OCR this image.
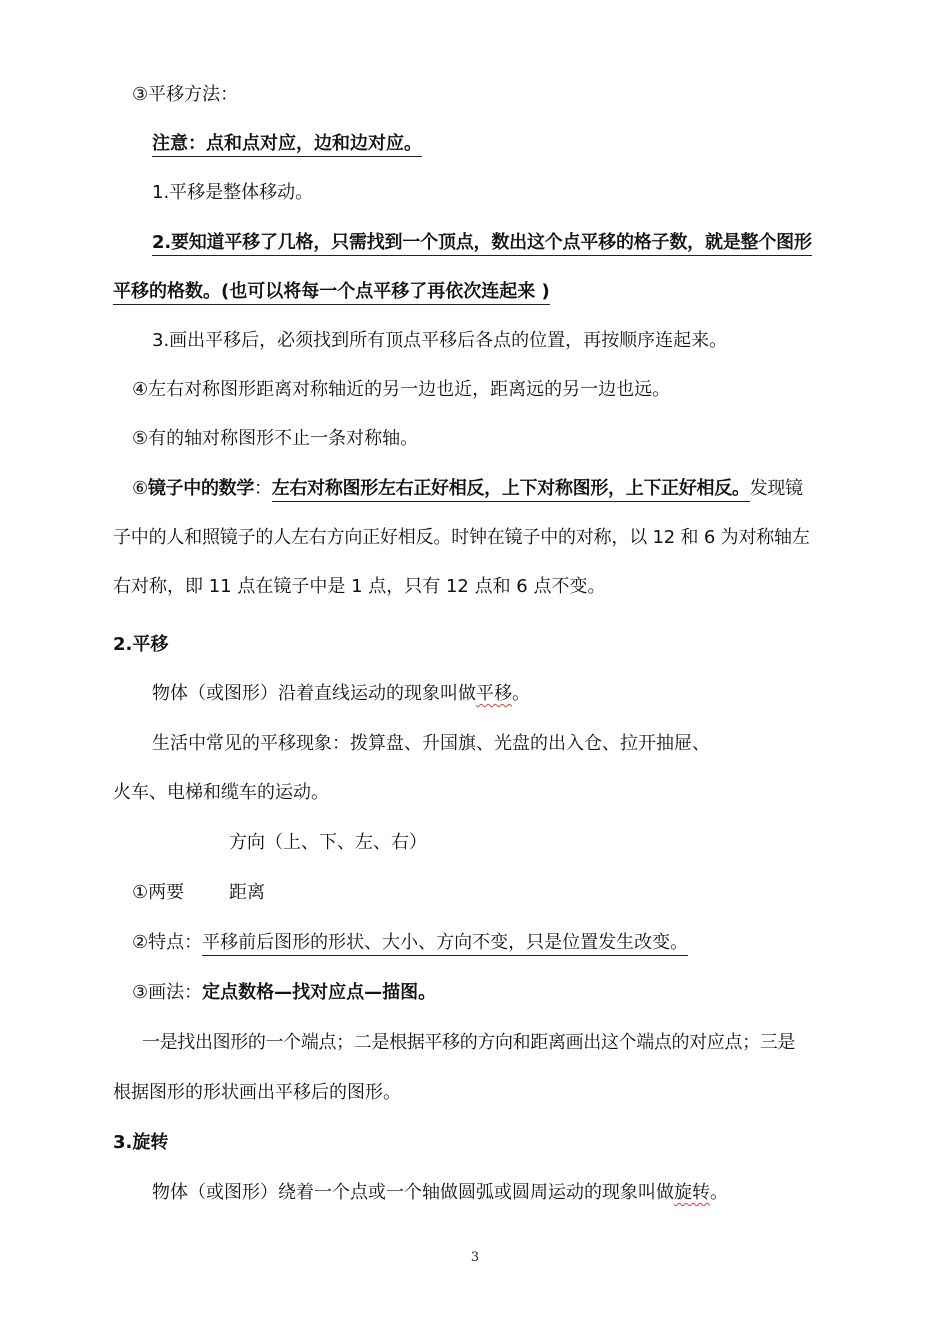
③平移方法：
注意：点和点对应，边和边对应。
1.平移是整体移动。
2.要知道平移了几格，只需找到一个顶点，数出这个点平移的格子数，就是整个图形
平移的格数。(也可以将每一个点平移了再依次连起来 )
3.画出平移后，必须找到所有顶点平移后各点的位置，再按顺序连起来。
④左右对称图形距离对称轴近的另一边也近，距离远的另一边也远。
⑤有的轴对称图形不止一条对称轴。
⑥镜子中的数学：左右对称图形左右正好相反，上下对称图形，上下正好相反。发现镜
子中的人和照镜子的人左右方向正好相反。时钟在镜子中的对称，以 12 和 6 为对称轴左
右对称，即 11 点在镜子中是 1 点，只有 12 点和 6 点不变。
2.平移
物体（或图形）沿着直线运动的现象叫做平移。
生活中常见的平移现象：拨算盘、升国旗、光盘的出入仓、拉开抽屉、
火车、电梯和缆车的运动。
方向（上、下、左、右）
①两要 距离
②特点：平移前后图形的形状、大小、方向不变，只是位置发生改变。
③画法：定点数格—找对应点—描图。
一是找出图形的一个端点；二是根据平移的方向和距离画出这个端点的对应点；三是
根据图形的形状画出平移后的图形。
3.旋转
物体（或图形）绕着一个点或一个轴做圆弧或圆周运动的现象叫做旋转。
3
